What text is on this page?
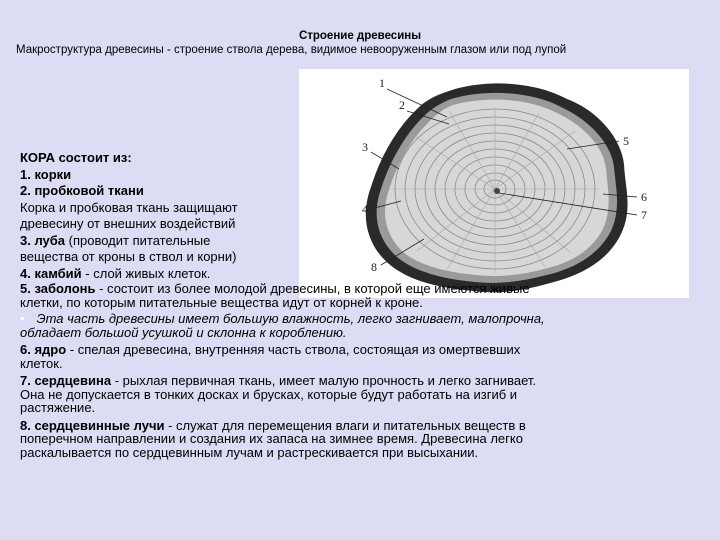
Строение древесины
Макроструктура древесины - строение ствола дерева, видимое невооруженным глазом или под лупой
1
2
3
4
5
6
7
8

КОРА состоит из:

1. корки

2. пробковой ткани

Корка и пробковая ткань защищают

древесину от внешних воздействий

3. луба (проводит питательные

вещества от кроны в ствол и корни)

4. камбий - слой живых клеток.

5. заболонь - состоит из более молодой древесины, в которой еще имеются живые

клетки, по которым питательные вещества идут от корней к кроне.

• Эта часть древесины имеет большую влажность, легко загнивает, малопрочна,

обладает большой усушкой и склонна к короблению.

6. ядро - спелая древесина, внутренняя часть ствола, состоящая из омертвевших

клеток.

7. сердцевина - рыхлая первичная ткань, имеет малую прочность и легко загнивает.

Она не допускается в тонких досках и брусках, которые будут работать на изгиб и

растяжение.

8. сердцевинные лучи - служат для перемещения влаги и питательных веществ в

поперечном направлении и создания их запаса на зимнее время. Древесина легко

раскалывается по сердцевинным лучам и растрескивается при высыхании.
